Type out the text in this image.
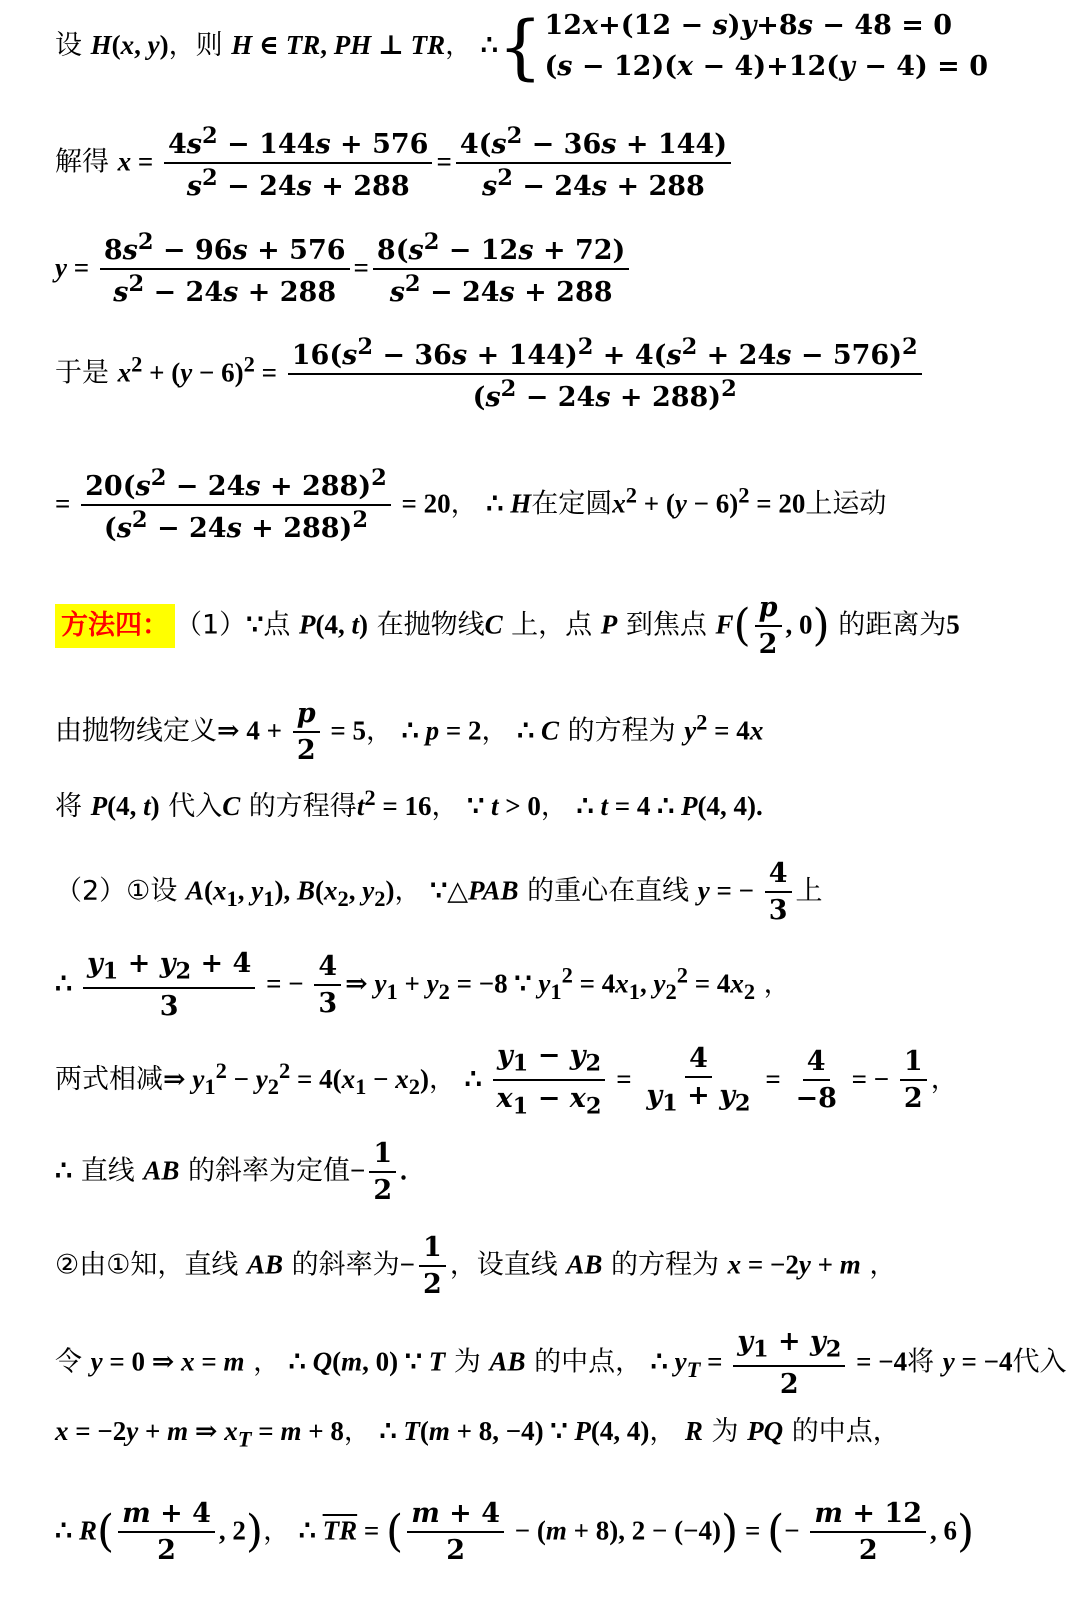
设 H(x, y)，则 H ∈ TR, PH ⊥ TR， ∴ { 12x+(12 − s)y+8s − 48 = 0
(s − 12)(x − 4)+12(y − 4) = 0
解得 $x = \frac{4s^2 - 144s + 576}{s^2 - 24s + 288} = \frac{4(s^2 - 36s + 144)}{s^2 - 24s + 288}$
$y = \frac{8s^2 - 96s + 576}{s^2 - 24s + 288} = \frac{8(s^2 - 12s + 72)}{s^2 - 24s + 288}$
于是 $x^2 + (y - 6)^2 = \frac{16(s^2 - 36s + 144)^2 + 4(s^2 + 24s - 576)^2}{(s^2 - 24s + 288)^2}$
= $\frac{20(s^2 - 24s + 288)^2}{(s^2 - 24s + 288)^2} = 20$， ∴ H在定圆$x^2 + (y - 6)^2 = 20$上运动
方法四： （1）∵点 P(4, t) 在抛物线C 上，点 P 到焦点 $F( \frac{p}{2}$ , 0) 的距离为5
由抛物线定义⇒ $4 + \frac{p}{2} = 5$， ∴ p = 2， ∴ C 的方程为 $y^2 = 4x$
将 P(4, t) 代入C 的方程得$t^2 = 16$， ∵ t > 0， ∴ t = 4 ∴ P(4, 4).
（2）①设 $A(x_1$, $y_1$), $B(x_2$, $y_2$)， ∵△PAB 的重心在直线 y = − $\frac{4}{3}$ 上
∴ $\frac{y_1 + y_2 + 4}{3}$ = − $\frac{4}{3}$ ⇒ $y_1 + y_2 = -8$ ∵ $y_1^2 = 4x_1$, $y_2^2 = 4x_2$ ，
两式相减⇒ $y_1^2 - y_2^2 = 4(x_1 - x_2)$， ∴ $\frac{y_1 - y_2}{x_1 - x_2} = \frac{4}{y_1 + y_2} = \frac{4}{-8}$ = − $\frac{1}{2}$ ，
∴ 直线 AB 的斜率为定值− $\frac{1}{2}$ .
②由①知，直线 AB 的斜率为− $\frac{1}{2}$ ，设直线 AB 的方程为 x = −2y + m ，
令 y = 0 ⇒ x = m ， ∴ Q(m, 0) ∵ T 为 AB 的中点， ∴ $y_T = \frac{y_1 + y_2}{2} = -4$将 y = −4代入
x = −2y + m ⇒ $x_T = m + 8$， ∴ T(m + 8, −4) ∵ P(4, 4)， R 为 PQ 的中点，
∴ $R( \frac{m + 4}{2}$ , 2)， ∴ $\overline{TR}$ = ( $\frac{m + 4}{2} - (m + 8)$, 2 − (−4)) = (− $\frac{m + 12}{2}$ , 6)
